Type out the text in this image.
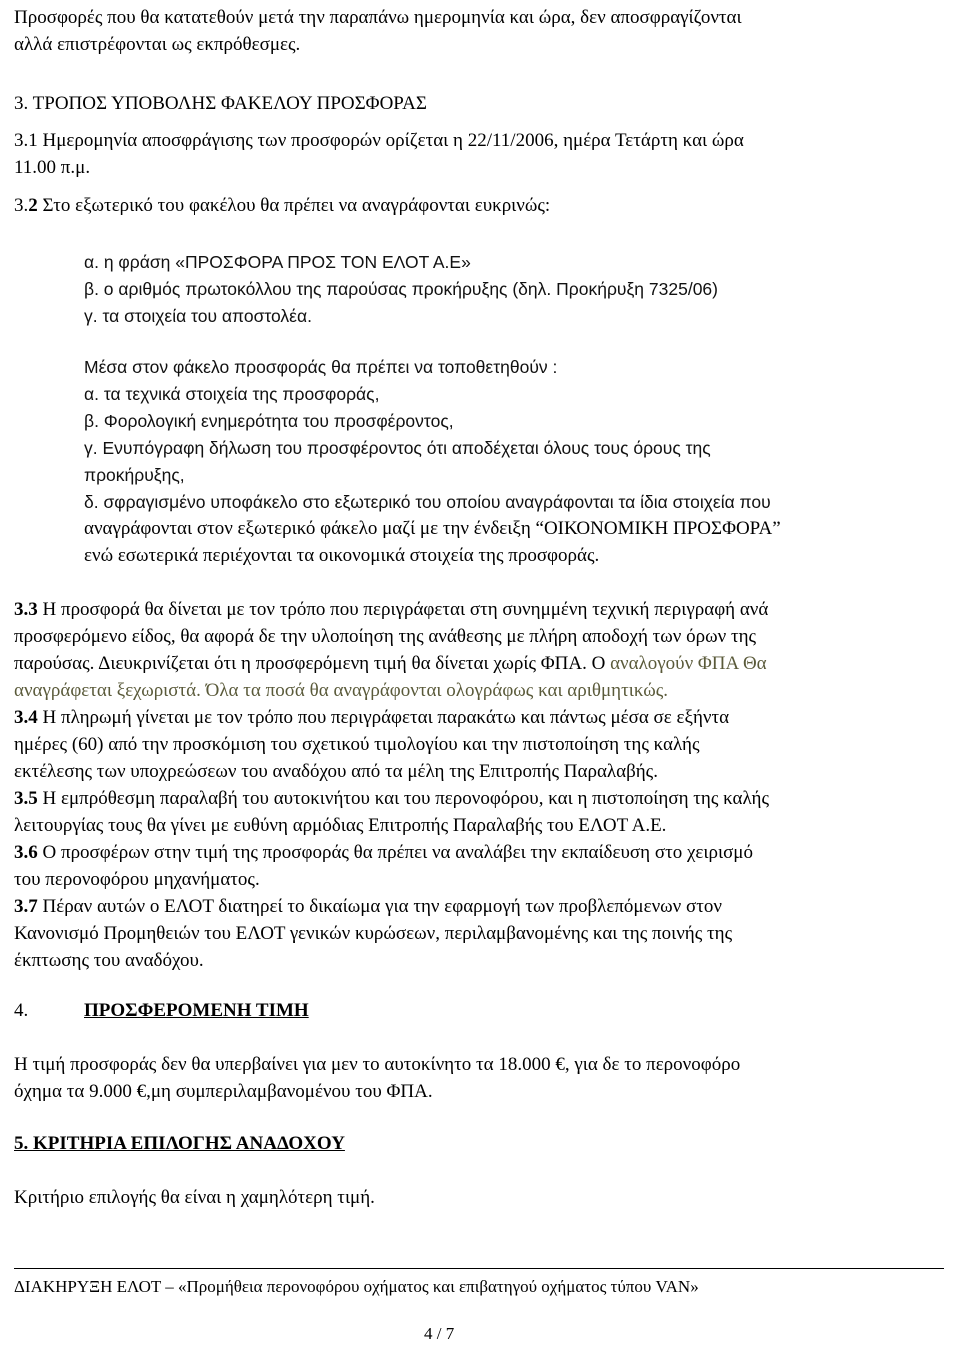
Προσφορές που θα κατατεθούν μετά την παραπάνω ημερομηνία και ώρα, δεν αποσφραγίζονται
αλλά επιστρέφονται ως εκπρόθεσμες.
3. ΤΡΟΠΟΣ ΥΠΟΒΟΛΗΣ ΦΑΚΕΛΟΥ ΠΡΟΣΦΟΡΑΣ
3.1 Ημερομηνία αποσφράγισης των προσφορών ορίζεται η 22/11/2006, ημέρα Τετάρτη και ώρα
11.00 π.μ.
3.2 Στο εξωτερικό του φακέλου θα πρέπει να αναγράφονται ευκρινώς:
α. η φράση «ΠΡΟΣΦΟΡΑ ΠΡΟΣ ΤΟΝ ΕΛΟΤ Α.Ε»
β. ο αριθμός πρωτοκόλλου της παρούσας προκήρυξης (δηλ. Προκήρυξη 7325/06)
γ. τα στοιχεία του αποστολέα.
Μέσα στον φάκελο προσφοράς θα πρέπει να τοποθετηθούν :
α. τα τεχνικά στοιχεία της προσφοράς,
β. Φορολογική ενημερότητα του προσφέροντος,
γ. Ενυπόγραφη δήλωση του προσφέροντος ότι αποδέχεται όλους τους όρους της
προκήρυξης,
δ. σφραγισμένο υποφάκελο στο εξωτερικό του οποίου αναγράφονται τα ίδια στοιχεία που
αναγράφονται στον εξωτερικό φάκελο μαζί με την ένδειξη “ΟΙΚΟΝΟΜΙΚΗ ΠΡΟΣΦΟΡΑ”
ενώ εσωτερικά περιέχονται τα οικονομικά στοιχεία της προσφοράς.
3.3 Η προσφορά θα δίνεται με τον τρόπο που περιγράφεται στη συνημμένη τεχνική περιγραφή ανά
προσφερόμενο είδος, θα αφορά δε την υλοποίηση της ανάθεσης με πλήρη αποδοχή των όρων της
παρούσας. Διευκρινίζεται ότι η προσφερόμενη τιμή θα δίνεται χωρίς ΦΠΑ. Ο αναλογούν ΦΠΑ Θα
αναγράφεται ξεχωριστά. Όλα τα ποσά θα αναγράφονται ολογράφως και αριθμητικώς.
3.4 Η πληρωμή γίνεται με τον τρόπο που περιγράφεται παρακάτω και πάντως μέσα σε εξήντα
ημέρες (60) από την προσκόμιση του σχετικού τιμολογίου και την πιστοποίηση της καλής
εκτέλεσης των υποχρεώσεων του αναδόχου από τα μέλη της Επιτροπής Παραλαβής.
3.5 Η εμπρόθεσμη παραλαβή του αυτοκινήτου και του περονοφόρου, και η πιστοποίηση της καλής
λειτουργίας τους θα γίνει με ευθύνη αρμόδιας Επιτροπής Παραλαβής του ΕΛΟΤ Α.Ε.
3.6 Ο προσφέρων στην τιμή της προσφοράς θα πρέπει να αναλάβει την εκπαίδευση στο χειρισμό
του περονοφόρου μηχανήματος.
3.7 Πέραν αυτών ο ΕΛΟΤ διατηρεί το δικαίωμα για την εφαρμογή των προβλεπόμενων στον
Κανονισμό Προμηθειών του ΕΛΟΤ γενικών κυρώσεων, περιλαμβανομένης και της ποινής της
έκπτωσης του αναδόχου.
4.	ΠΡΟΣΦΕΡΟΜΕΝΗ ΤΙΜΗ
Η τιμή προσφοράς δεν θα υπερβαίνει για μεν το αυτοκίνητο τα 18.000 €, για δε το περονοφόρο
όχημα τα 9.000 €,μη συμπεριλαμβανομένου του ΦΠΑ.
5. ΚΡΙΤΗΡΙΑ ΕΠΙΛΟΓΗΣ ΑΝΑΔΟΧΟΥ
Κριτήριο επιλογής θα είναι η χαμηλότερη τιμή.
ΔΙΑΚΗΡΥΞΗ ΕΛΟΤ – «Προμήθεια περονοφόρου οχήματος και επιβατηγού οχήματος τύπου VAN»
4 / 7
